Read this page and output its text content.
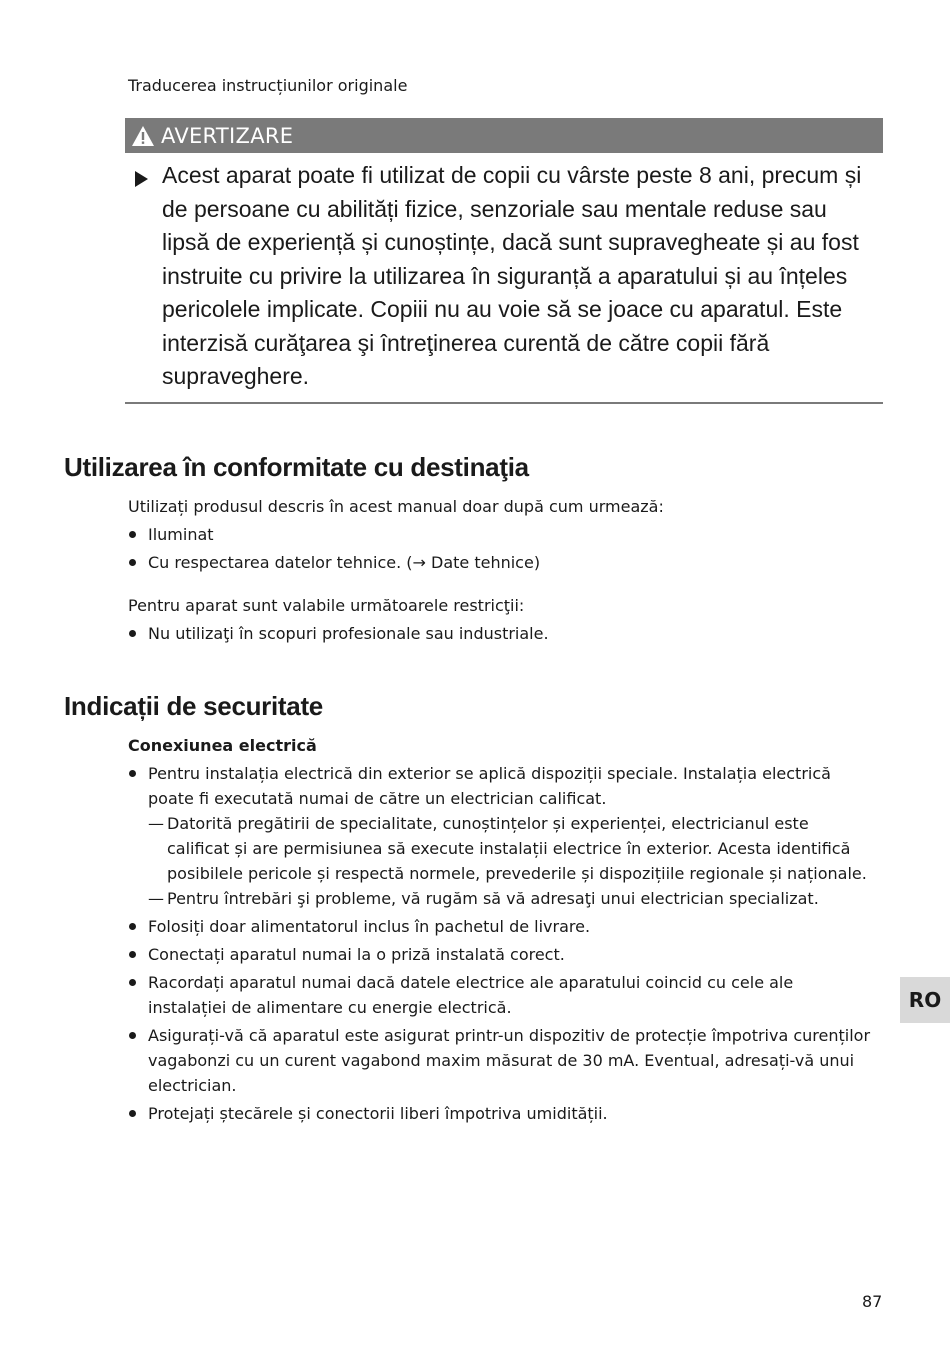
Traducerea instrucțiunilor originale
AVERTIZARE
Acest aparat poate fi utilizat de copii cu vârste peste 8 ani, precum și de persoane cu abilități fizice, senzoriale sau mentale reduse sau lipsă de experiență și cunoștințe, dacă sunt supravegheate și au fost instruite cu privire la utilizarea în siguranță a aparatului și au înțeles pericolele implicate. Copiii nu au voie să se joace cu aparatul. Este interzisă curăţarea şi întreţinerea curentă de către copii fără supraveghere.
Utilizarea în conformitate cu destinaţia

Utilizați produsul descris în acest manual doar după cum urmează:

Iluminat
Cu respectarea datelor tehnice. (→ Date tehnice)

Pentru aparat sunt valabile următoarele restricţii:

Nu utilizaţi în scopuri profesionale sau industriale.
Indicații de securitate
Conexiunea electrică
Pentru instalația electrică din exterior se aplică dispoziții speciale. Instalația electrică poate fi executată numai de către un electrician calificat.
— Datorită pregătirii de specialitate, cunoștințelor și experienței, electricianul este calificat și are permisiunea să execute instalații electrice în exterior. Acesta identifică posibilele pericole și respectă normele, prevederile și dispozițiile regionale și naționale.
— Pentru întrebări şi probleme, vă rugăm să vă adresaţi unui electrician specializat.
Folosiți doar alimentatorul inclus în pachetul de livrare.
Conectați aparatul numai la o priză instalată corect.
Racordați aparatul numai dacă datele electrice ale aparatului coincid cu cele ale instalației de alimentare cu energie electrică.
Asigurați-vă că aparatul este asigurat printr-un dispozitiv de protecție împotriva curenților vagabonzi cu un curent vagabond maxim măsurat de 30 mA. Eventual, adresați-vă unui electrician.
Protejați ștecărele și conectorii liberi împotriva umidității.
RO
87
